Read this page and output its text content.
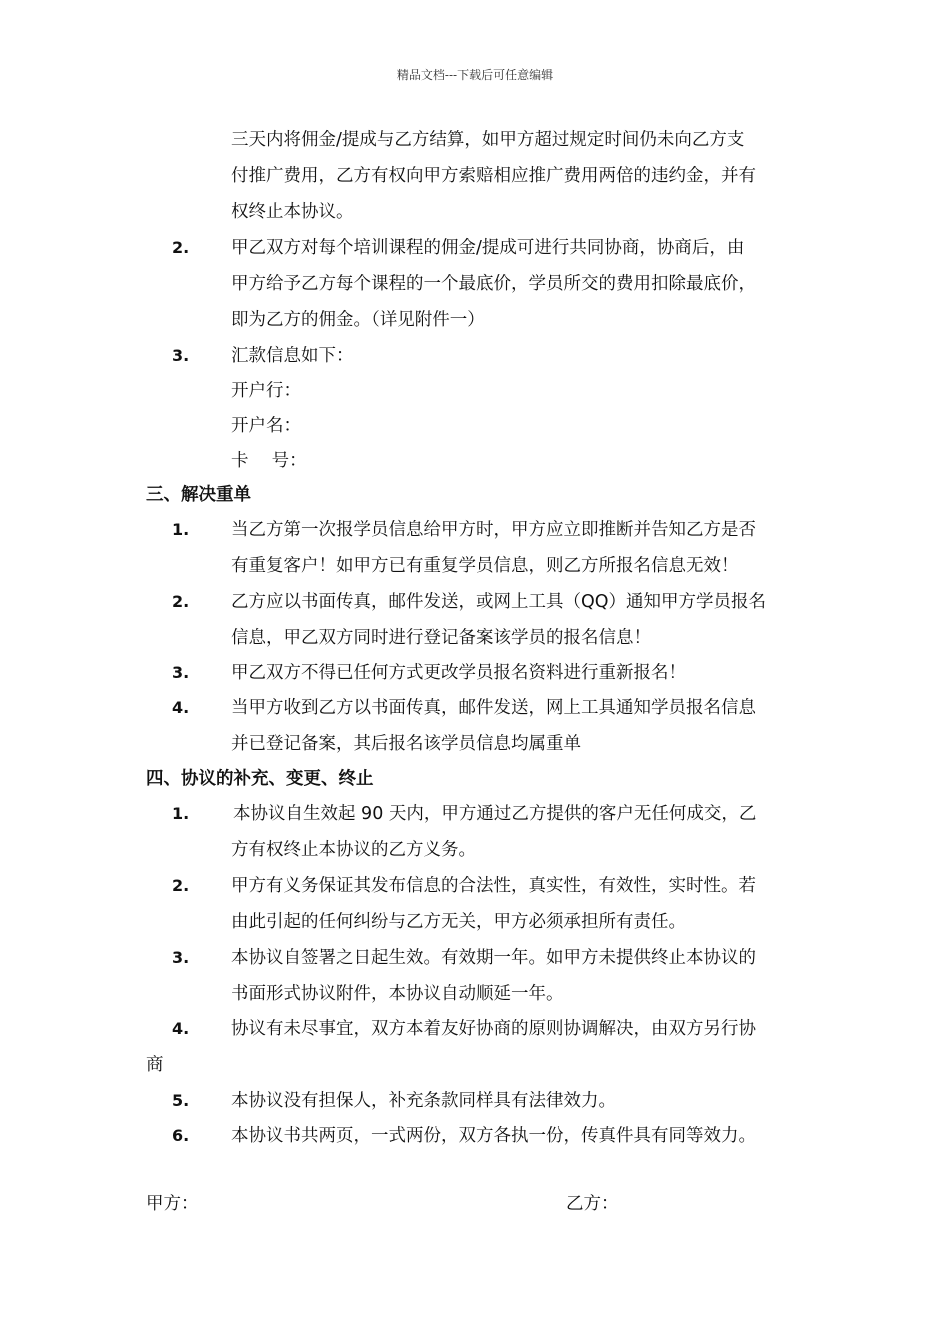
精品文档---下载后可任意编辑
三天内将佣金/提成与乙方结算，如甲方超过规定时间仍未向乙方支
付推广费用，乙方有权向甲方索赔相应推广费用两倍的违约金，并有
权终止本协议。
2.	甲乙双方对每个培训课程的佣金/提成可进行共同协商，协商后，由
甲方给予乙方每个课程的一个最底价，学员所交的费用扣除最底价，
即为乙方的佣金。（详见附件一）
3.	汇款信息如下：
开户行：
开户名：
卡　 号：
三、解决重单
1.	当乙方第一次报学员信息给甲方时，甲方应立即推断并告知乙方是否
有重复客户！如甲方已有重复学员信息，则乙方所报名信息无效！
2.	乙方应以书面传真，邮件发送，或网上工具（QQ）通知甲方学员报名
信息，甲乙双方同时进行登记备案该学员的报名信息！
3.	甲乙双方不得已任何方式更改学员报名资料进行重新报名！
4.	当甲方收到乙方以书面传真，邮件发送，网上工具通知学员报名信息
并已登记备案，其后报名该学员信息均属重单
四、协议的补充、变更、终止
1.	本协议自生效起 90 天内，甲方通过乙方提供的客户无任何成交，乙
方有权终止本协议的乙方义务。
2.	甲方有义务保证其发布信息的合法性，真实性，有效性，实时性。若
由此引起的任何纠纷与乙方无关，甲方必须承担所有责任。
3.	本协议自签署之日起生效。有效期一年。如甲方未提供终止本协议的
书面形式协议附件，本协议自动顺延一年。
4.	协议有未尽事宜，双方本着友好协商的原则协调解决，由双方另行协
商
5.	本协议没有担保人，补充条款同样具有法律效力。
6.	本协议书共两页，一式两份，双方各执一份，传真件具有同等效力。
甲方：	乙方：
